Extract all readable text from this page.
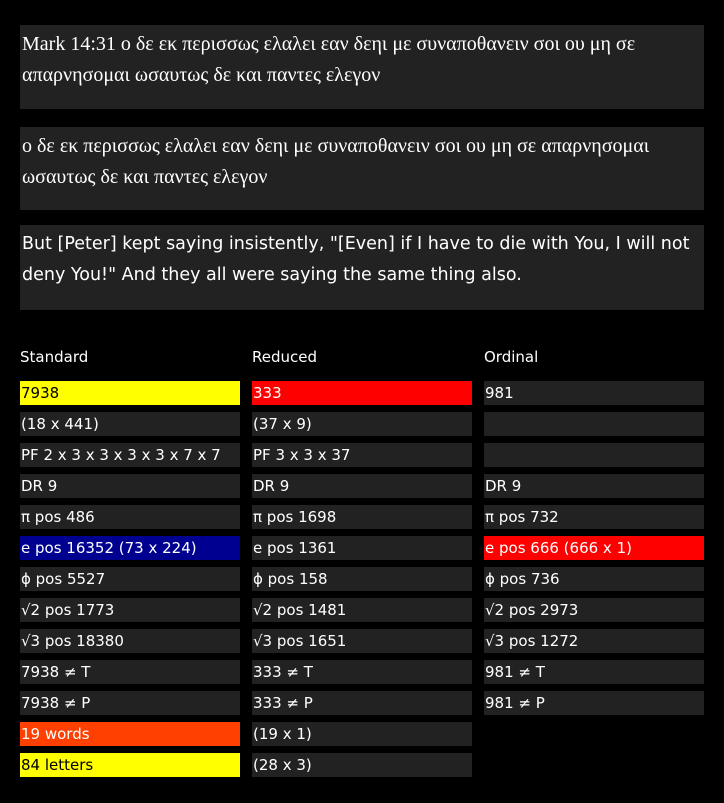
Mark 14:31 ο δε εκ περισσως ελαλει εαν δεηι με συναποθανειν σοι ου μη σε απαρνησομαι ωσαυτως δε και παντες ελεγον
ο δε εκ περισσως ελαλει εαν δεηι με συναποθανειν σοι ου μη σε απαρνησομαι ωσαυτως δε και παντες ελεγον
But [Peter] kept saying insistently, "[Even] if I have to die with You, I will not deny You!" And they all were saying the same thing also.
Standard	Reduced	Ordinal
7938	333	981
(18 x 441)	(37 x 9)
PF 2 x 3 x 3 x 3 x 3 x 7 x 7	PF 3 x 3 x 37
DR 9	DR 9	DR 9
π pos 486	π pos 1698	π pos 732
e pos 16352 (73 x 224)	e pos 1361	e pos 666 (666 x 1)
ϕ pos 5527	ϕ pos 158	ϕ pos 736
√2 pos 1773	√2 pos 1481	√2 pos 2973
√3 pos 18380	√3 pos 1651	√3 pos 1272
7938 ≠ T	333 ≠ T	981 ≠ T
7938 ≠ P	333 ≠ P	981 ≠ P
19 words	(19 x 1)
84 letters	(28 x 3)
